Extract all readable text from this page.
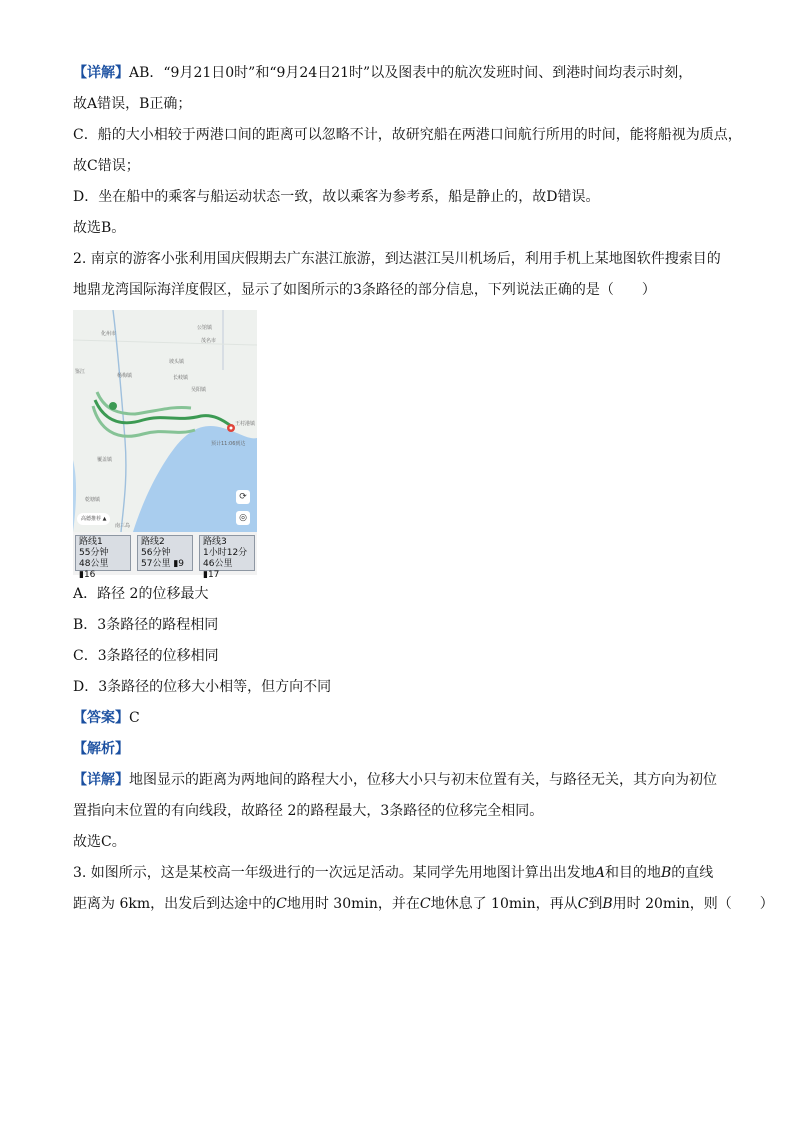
【详解】AB．“9月21日0时”和“9月24日21时”以及图表中的航次发班时间、到港时间均表示时刻，
故A错误，B正确；
C．船的大小相较于两港口间的距离可以忽略不计，故研究船在两港口间航行所用的时间，能将船视为质点，
故C错误；
D．坐在船中的乘客与船运动状态一致，故以乘客为参考系，船是静止的，故D错误。
故选B。
2. 南京的游客小张利用国庆假期去广东湛江旅游，到达湛江吴川机场后，利用手机上某地图软件搜索目的
地鼎龙湾国际海洋度假区，显示了如图所示的3条路径的部分信息，下列说法正确的是（　　）
化州市
公馆镇
茂名市
杨梅镇
鉴江
坡头镇
长岐镇
吴阳镇
王村港镇
覆盖镇
乾塘镇
南三岛
预计11:06到达
⟳
◎
高德推荐 ▲
路线1
55分钟
48公里 ▮16
路线2
56分钟
57公里 ▮9
路线3
1小时12分
46公里 ▮17
A．路径 2的位移最大
B．3条路径的路程相同
C．3条路径的位移相同
D．3条路径的位移大小相等，但方向不同
【答案】C
【解析】
【详解】地图显示的距离为两地间的路程大小，位移大小只与初末位置有关，与路径无关，其方向为初位
置指向末位置的有向线段，故路径 2的路程最大，3条路径的位移完全相同。
故选C。
3. 如图所示，这是某校高一年级进行的一次远足活动。某同学先用地图计算出出发地A和目的地B的直线
距离为 6km，出发后到达途中的C地用时 30min，并在C地休息了 10min，再从C到B用时 20min，则（　　）
